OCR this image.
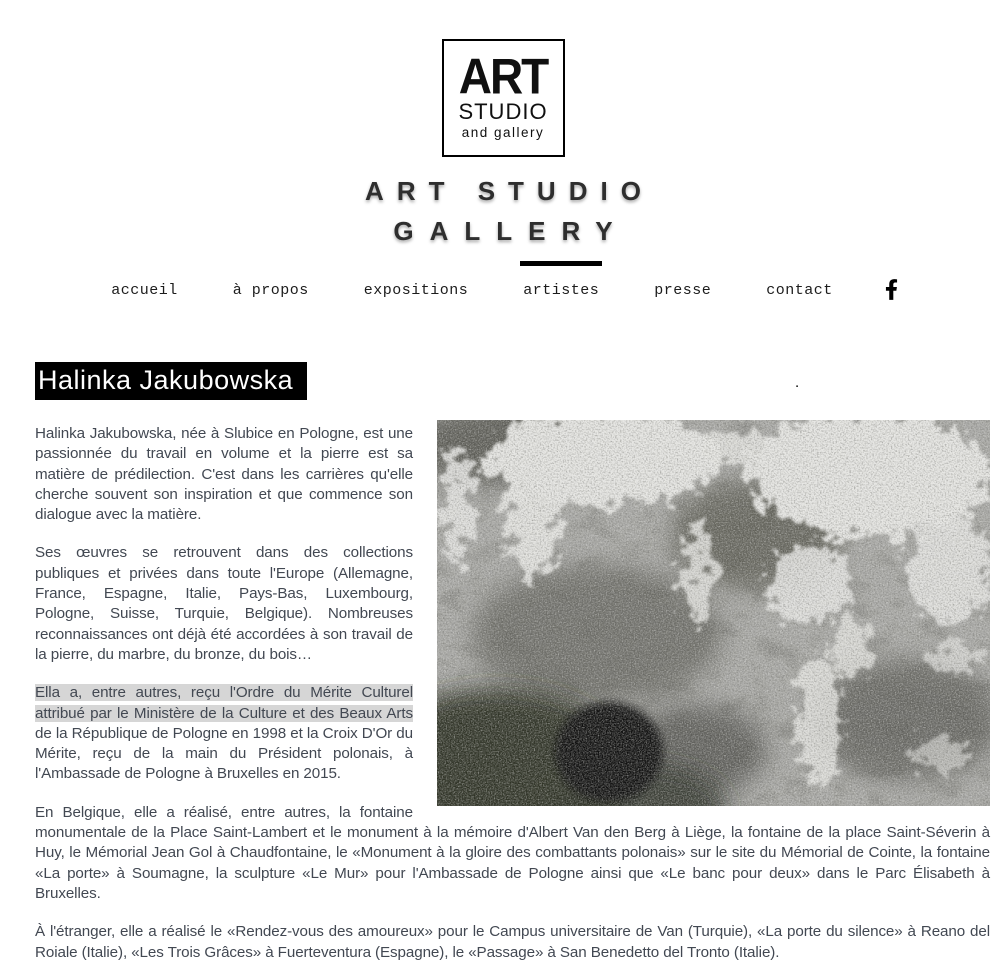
ART
STUDIO
and gallery
ART STUDIO
GALLERY
accueil	à propos	expositions	artistes	presse	contact
Halinka Jakubowska

Halinka Jakubowska, née à Slubice en Pologne, est une passionnée du travail en volume et la pierre est sa matière de prédilection. C'est dans les carrières qu'elle cherche souvent son inspiration et que commence son dialogue avec la matière.

Ses œuvres se retrouvent dans des collections publiques et privées dans toute l'Europe (Allemagne, France, Espagne, Italie, Pays-Bas, Luxembourg, Pologne, Suisse, Turquie, Belgique). Nombreuses reconnaissances ont déjà été accordées à son travail de la pierre, du marbre, du bronze, du bois…

Ella a, entre autres, reçu l'Ordre du Mérite Culturel attribué par le Ministère de la Culture et des Beaux Arts de la République de Pologne en 1998 et la Croix D'Or du Mérite, reçu de la main du Président polonais, à l'Ambassade de Pologne à Bruxelles en 2015.

En Belgique, elle a réalisé, entre autres, la fontaine monumentale de la Place Saint-Lambert et le monument à la mémoire d'Albert Van den Berg à Liège, la fontaine de la place Saint-Séverin à Huy, le Mémorial Jean Gol à Chaudfontaine, le «Monument à la gloire des combattants polonais» sur le site du Mémorial de Cointe, la fontaine «La porte» à Soumagne, la sculpture «Le Mur» pour l'Ambassade de Pologne ainsi que «Le banc pour deux» dans le Parc Élisabeth à Bruxelles.

À l'étranger, elle a réalisé le «Rendez-vous des amoureux» pour le Campus universitaire de Van (Turquie), «La porte du silence» à Reano del Roiale (Italie), «Les Trois Grâces» à Fuerteventura (Espagne), le «Passage» à San Benedetto del Tronto (Italie).

.
